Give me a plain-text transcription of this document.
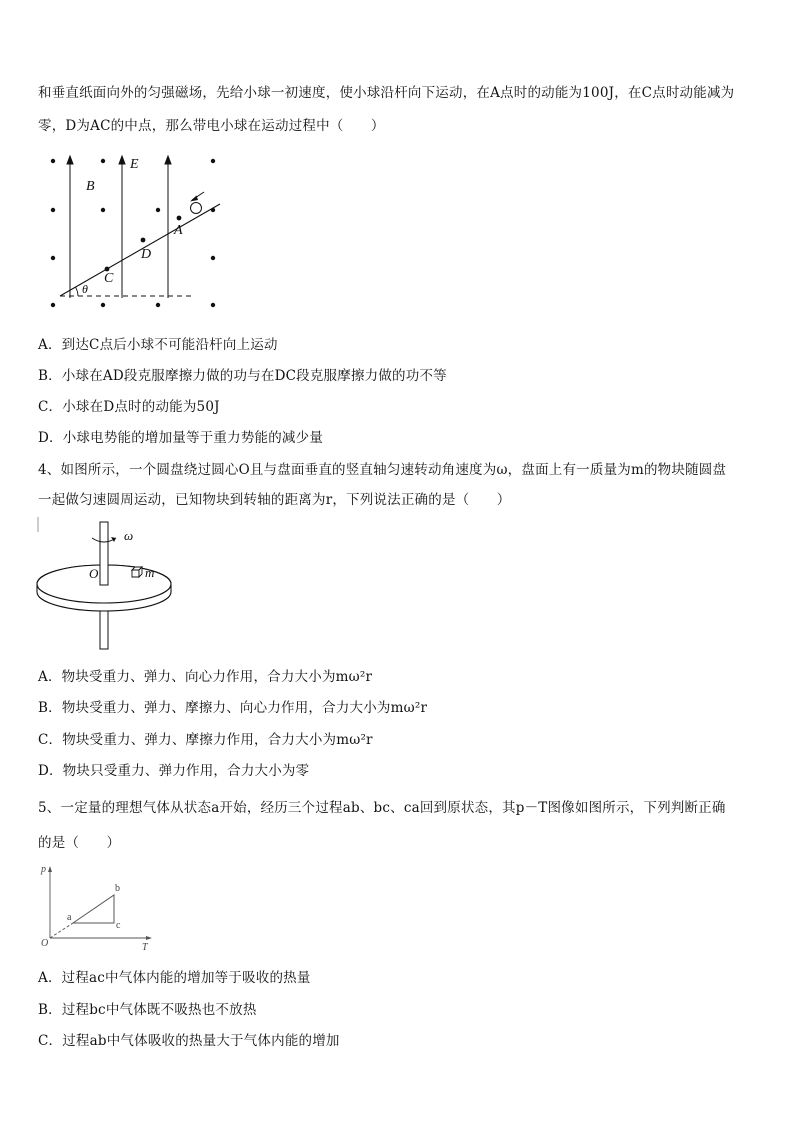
和垂直纸面向外的匀强磁场，先给小球一初速度，使小球沿杆向下运动，在A点时的动能为100J，在C点时动能减为
零，D为AC的中点，那么带电小球在运动过程中（　　）
E
B
A
D
C
θ
A．到达C点后小球不可能沿杆向上运动
B．小球在AD段克服摩擦力做的功与在DC段克服摩擦力做的功不等
C．小球在D点时的动能为50J
D．小球电势能的增加量等于重力势能的减少量
4、如图所示，一个圆盘绕过圆心O且与盘面垂直的竖直轴匀速转动角速度为ω，盘面上有一质量为m的物块随圆盘
一起做匀速圆周运动，已知物块到转轴的距离为r，下列说法正确的是（　　）
ω
O	m
A．物块受重力、弹力、向心力作用，合力大小为mω²r
B．物块受重力、弹力、摩擦力、向心力作用，合力大小为mω²r
C．物块受重力、弹力、摩擦力作用，合力大小为mω²r
D．物块只受重力、弹力作用，合力大小为零
5、一定量的理想气体从状态a开始，经历三个过程ab、bc、ca回到原状态，其p－T图像如图所示，下列判断正确
的是（　　）
p
T
O
a
b
c
A．过程ac中气体内能的增加等于吸收的热量
B．过程bc中气体既不吸热也不放热
C．过程ab中气体吸收的热量大于气体内能的增加
